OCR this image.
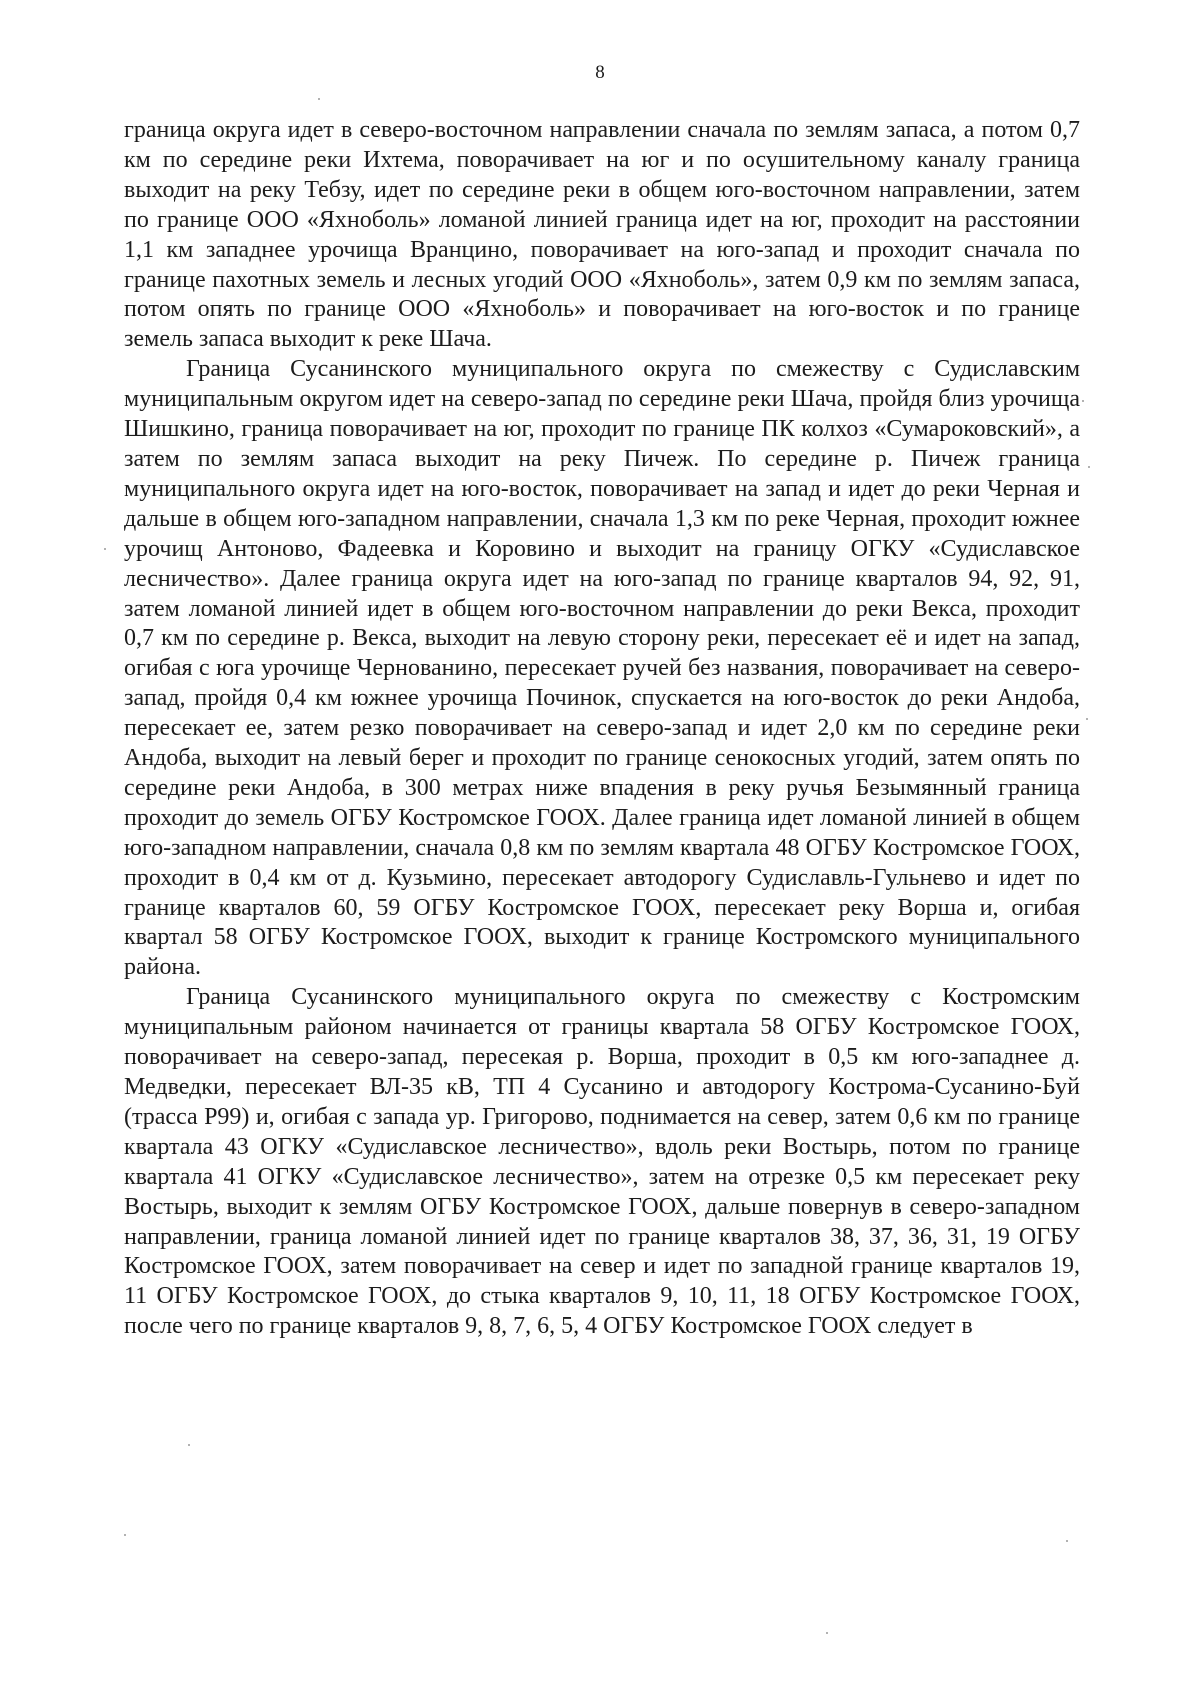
8

граница округа идет в северо-восточном направлении сначала по землям запаса, а потом 0,7 км по середине реки Ихтема, поворачивает на юг и по осушительному каналу граница выходит на реку Тебзу, идет по середине реки в общем юго-восточном направлении, затем по границе ООО «Яхноболь» ломаной линией граница идет на юг, проходит на расстоянии 1,1 км западнее урочища Вранцино, поворачивает на юго-запад и проходит сначала по границе пахотных земель и лесных угодий ООО «Яхноболь», затем 0,9 км по землям запаса, потом опять по границе ООО «Яхноболь» и поворачивает на юго-восток и по границе земель запаса выходит к реке Шача.

Граница Сусанинского муниципального округа по смежеству с Судиславским муниципальным округом идет на северо-запад по середине реки Шача, пройдя близ урочища Шишкино, граница поворачивает на юг, проходит по границе ПК колхоз «Сумароковский», а затем по землям запаса выходит на реку Пичеж. По середине р. Пичеж граница муниципального округа идет на юго-восток, поворачивает на запад и идет до реки Черная и дальше в общем юго-западном направлении, сначала 1,3 км по реке Черная, проходит южнее урочищ Антоново, Фадеевка и Коровино и выходит на границу ОГКУ «Судиславское лесничество». Далее граница округа идет на юго-запад по границе кварталов 94, 92, 91, затем ломаной линией идет в общем юго-восточном направлении до реки Векса, проходит 0,7 км по середине р. Векса, выходит на левую сторону реки, пересекает её и идет на запад, огибая с юга урочище Чернованино, пересекает ручей без названия, поворачивает на северо-запад, пройдя 0,4 км южнее урочища Починок, спускается на юго-восток до реки Андоба, пересекает ее, затем резко поворачивает на северо-запад и идет 2,0 км по середине реки Андоба, выходит на левый берег и проходит по границе сенокосных угодий, затем опять по середине реки Андоба, в 300 метрах ниже впадения в реку ручья Безымянный граница проходит до земель ОГБУ Костромское ГООХ. Далее граница идет ломаной линией в общем юго-западном направлении, сначала 0,8 км по землям квартала 48 ОГБУ Костромское ГООХ, проходит в 0,4 км от д. Кузьмино, пересекает автодорогу Судиславль-Гульнево и идет по границе кварталов 60, 59 ОГБУ Костромское ГООХ, пересекает реку Ворша и, огибая квартал 58 ОГБУ Костромское ГООХ, выходит к границе Костромского муниципального района.

Граница Сусанинского муниципального округа по смежеству с Костромским муниципальным районом начинается от границы квартала 58 ОГБУ Костромское ГООХ, поворачивает на северо-запад, пересекая р. Ворша, проходит в 0,5 км юго-западнее д. Медведки, пересекает ВЛ-35 кВ, ТП 4 Сусанино и автодорогу Кострома-Сусанино-Буй (трасса Р99) и, огибая с запада ур. Григорово, поднимается на север, затем 0,6 км по границе квартала 43 ОГКУ «Судиславское лесничество», вдоль реки Востырь, потом по границе квартала 41 ОГКУ «Судиславское лесничество», затем на отрезке 0,5 км пересекает реку Востырь, выходит к землям ОГБУ Костромское ГООХ, дальше повернув в северо-западном направлении, граница ломаной линией идет по границе кварталов 38, 37, 36, 31, 19 ОГБУ Костромское ГООХ, затем поворачивает на север и идет по западной границе кварталов 19, 11 ОГБУ Костромское ГООХ, до стыка кварталов 9, 10, 11, 18 ОГБУ Костромское ГООХ, после чего по границе кварталов 9, 8, 7, 6, 5, 4 ОГБУ Костромское ГООХ следует в
